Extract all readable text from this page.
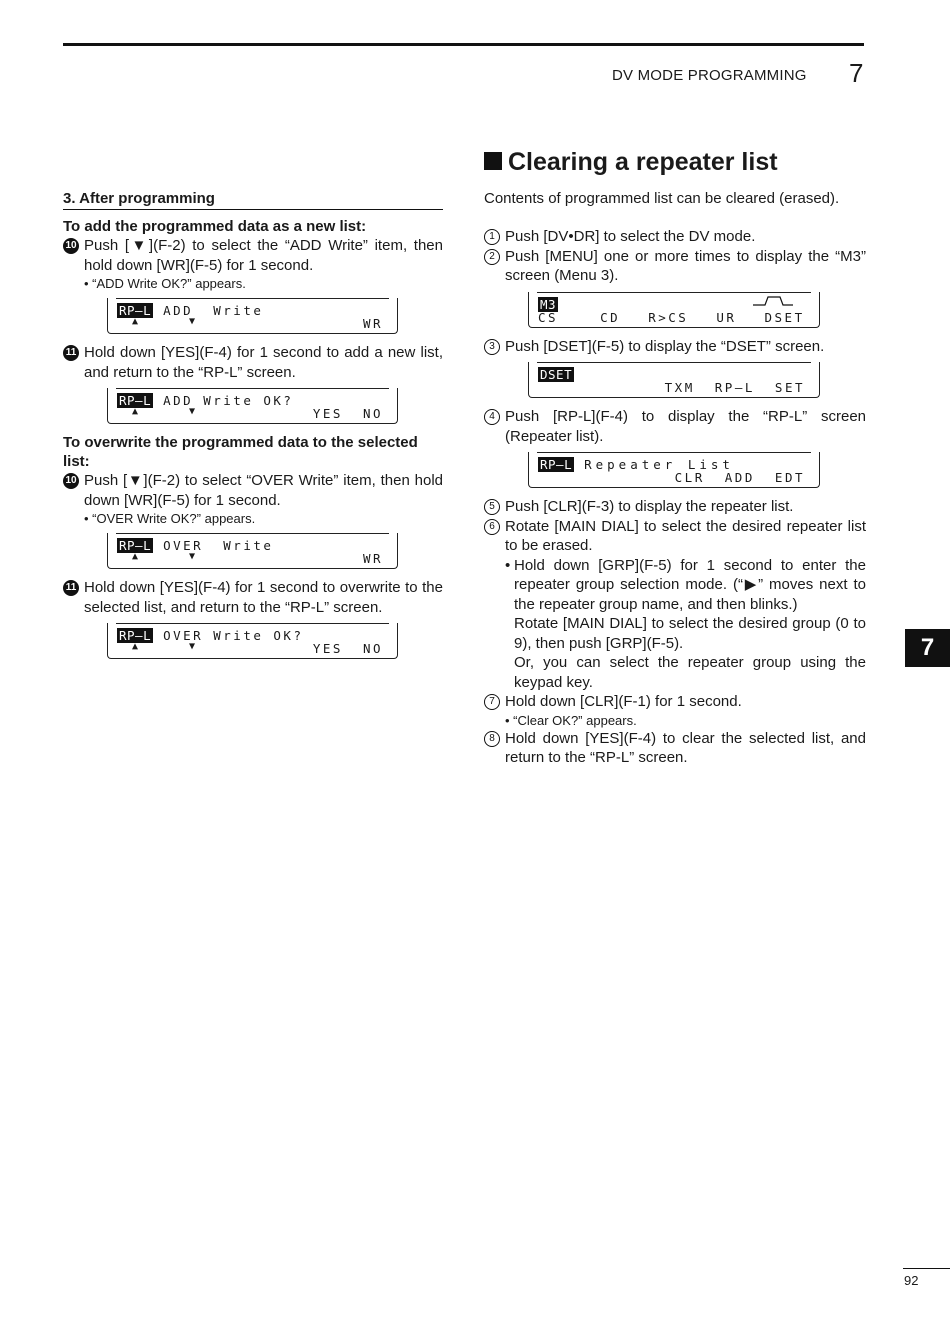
DV MODE PROGRAMMING 7
3. After programming
To add the programmed data as a new list:
10 Push [▼](F-2) to select the “ADD Write” item, then hold down [WR](F-5) for 1 second.
• “ADD Write OK?” appears.
RP–L ADD  Write
▲	▼	WR
11 Hold down [YES](F-4) for 1 second to add a new list, and return to the “RP-L” screen.
RP–L ADD Write OK?
▲	▼	YES  NO
To overwrite the programmed data to the selected list:
10 Push [▼](F-2) to select “OVER Write” item, then hold down [WR](F-5) for 1 second.
• “OVER Write OK?” appears.
RP–L OVER  Write
▲	▼	WR
11 Hold down [YES](F-4) for 1 second to overwrite to the selected list, and return to the “RP-L” screen.
RP–L OVER Write OK?
▲	▼	YES  NO
Clearing a repeater list
Contents of programmed list can be cleared (erased).
1 Push [DV•DR] to select the DV mode.
2 Push [MENU] one or more times to display the “M3” screen (Menu 3).
M3
CS   CD  R>CS  UR  DSET
3 Push [DSET](F-5) to display the “DSET” screen.
DSET
TXM  RP–L  SET
4 Push [RP-L](F-4) to display the “RP-L” screen (Repeater list).
RP–L Repeater List
CLR  ADD  EDT
5 Push [CLR](F-3) to display the repeater list.
6 Rotate [MAIN DIAL] to select the desired repeater list to be erased.
• Hold down [GRP](F-5) for 1 second to enter the repeater group selection mode. (“▶” moves next to the repeater group name, and then blinks.)
Rotate [MAIN DIAL] to select the desired group (0 to 9), then push [GRP](F-5).
Or, you can select the repeater group using the keypad key.
7 Hold down [CLR](F-1) for 1 second.
• “Clear OK?” appears.
8 Hold down [YES](F-4) to clear the selected list, and return to the “RP-L” screen.
7
92
